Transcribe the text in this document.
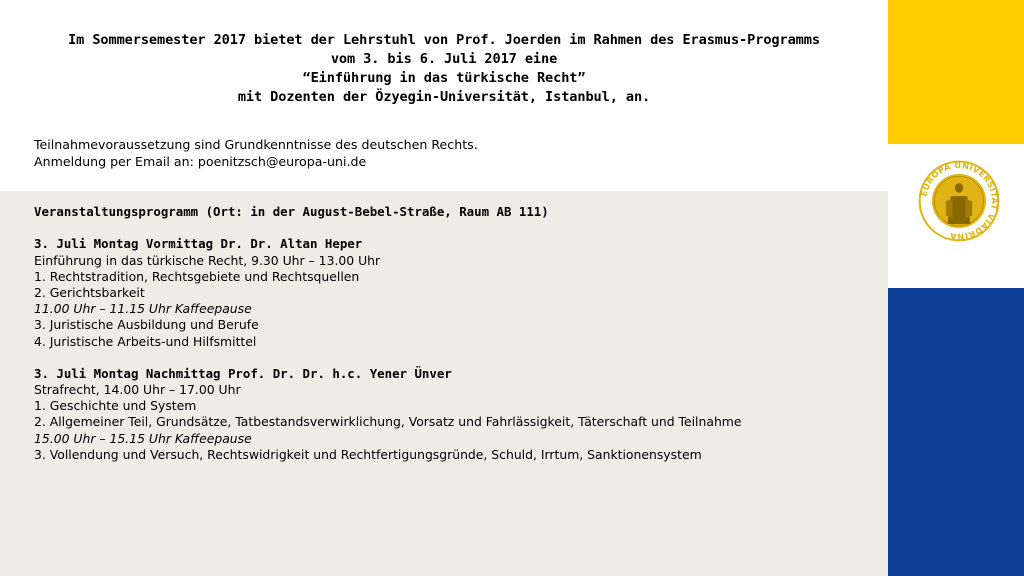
Im Sommersemester 2017 bietet der Lehrstuhl von Prof. Joerden im Rahmen des Erasmus-Programms
vom 3. bis 6. Juli 2017 eine
“Einführung in das türkische Recht”
mit Dozenten der Özyegin-Universität, Istanbul, an.
Teilnahmevoraussetzung sind Grundkenntnisse des deutschen Rechts.
Anmeldung per Email an: poenitzsch@europa-uni.de
Veranstaltungsprogramm (Ort: in der August-Bebel-Straße, Raum AB 111)
3. Juli Montag Vormittag Dr. Dr. Altan Heper
Einführung in das türkische Recht, 9.30 Uhr – 13.00 Uhr
1. Rechtstradition, Rechtsgebiete und Rechtsquellen
2. Gerichtsbarkeit
11.00 Uhr – 11.15 Uhr Kaffeepause
3. Juristische Ausbildung und Berufe
4. Juristische Arbeits-und Hilfsmittel
3. Juli Montag Nachmittag Prof. Dr. Dr. h.c. Yener Ünver
Strafrecht, 14.00 Uhr – 17.00 Uhr
1. Geschichte und System
2. Allgemeiner Teil, Grundsätze, Tatbestandsverwirklichung, Vorsatz und Fahrlässigkeit, Täterschaft und Teilnahme
15.00 Uhr – 15.15 Uhr Kaffeepause
3. Vollendung und Versuch, Rechtswidrigkeit und Rechtfertigungsgründe, Schuld, Irrtum, Sanktionensystem
EUROPA UNIVERSITÄT VIADRINA
